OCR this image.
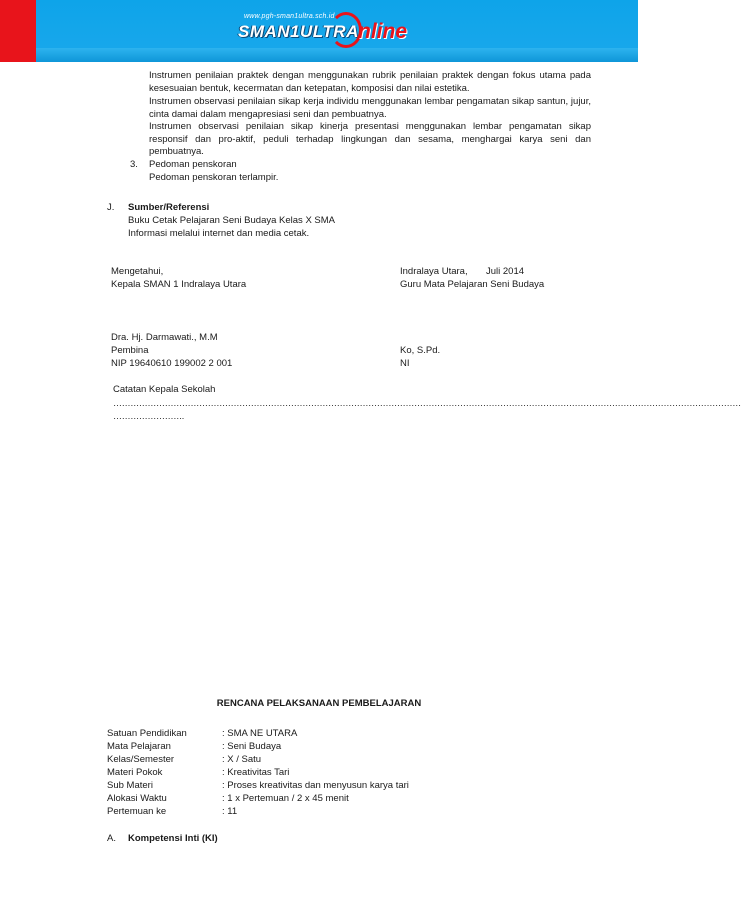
www.pgh-sman1ultra.sch.id
SMAN1ULTRA nline
Instrumen penilaian praktek dengan menggunakan rubrik penilaian praktek dengan fokus utama pada kesesuaian bentuk, kecermatan dan ketepatan, komposisi dan nilai estetika.
Instrumen observasi penilaian sikap kerja individu menggunakan lembar pengamatan sikap santun, jujur, cinta damai dalam mengapresiasi seni dan pembuatnya.
Instrumen observasi penilaian sikap kinerja presentasi menggunakan lembar pengamatan sikap responsif dan pro-aktif, peduli terhadap lingkungan dan sesama, menghargai karya seni dan pembuatnya.
3. Pedoman penskoran
Pedoman penskoran terlampir.
J. Sumber/Referensi
Buku Cetak Pelajaran Seni Budaya Kelas X SMA
Informasi melalui internet dan media cetak.
Mengetahui,
Kepala SMAN 1 Indralaya Utara
Indralaya Utara, Juli 2014
Guru Mata Pelajaran Seni Budaya
Dra. Hj. Darmawati., M.M
Pembina
NIP 19640610 199002 2 001
Ko, S.Pd.
NI
Catatan Kepala Sekolah
…………………………………………………………………………………………………………………………………………………………………………………………………
…………………….
RENCANA PELAKSANAAN PEMBELAJARAN
Satuan Pendidikan	: SMA NE UTARA
Mata Pelajaran	: Seni Budaya
Kelas/Semester	: X / Satu
Materi Pokok	: Kreativitas Tari
Sub Materi	: Proses kreativitas dan menyusun karya tari
Alokasi Waktu	: 1 x Pertemuan / 2 x 45 menit
Pertemuan ke	: 11
A. Kompetensi Inti (KI)
